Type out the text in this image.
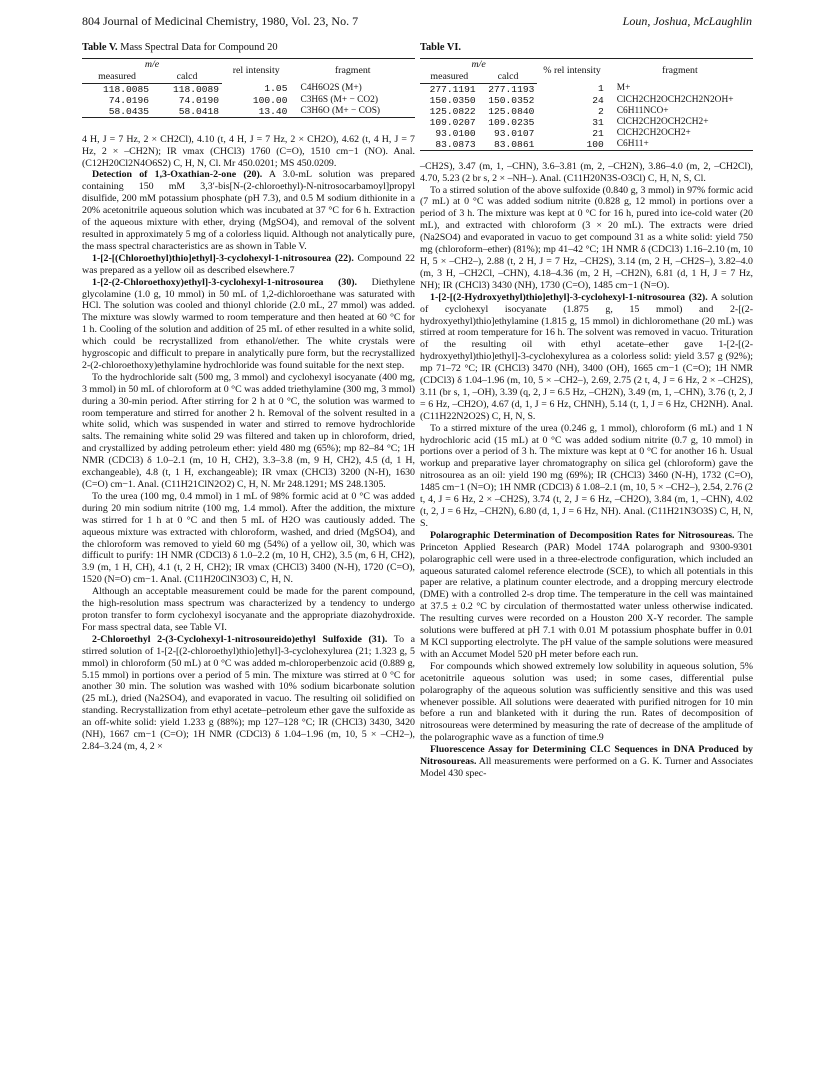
804 Journal of Medicinal Chemistry, 1980, Vol. 23, No. 7	Loun, Joshua, McLaughlin
Table V. Mass Spectral Data for Compound 20
m/e		rel intensity	fragment
measured	calcd		
118.0085	118.0089	1.05	C4H6O2S (M+)
74.0196	74.0190	100.00	C3H6S (M+ − CO2)
58.0435	58.0418	13.40	C3H6O (M+ − COS)

4 H, J = 7 Hz, 2 × CH2Cl), 4.10 (t, 4 H, J = 7 Hz, 2 × CH2O), 4.62 (t, 4 H, J = 7 Hz, 2 × –CH2N); IR νmax (CHCl3) 1760 (C=O), 1510 cm−1 (NO). Anal. (C12H20Cl2N4O6S2) C, H, N, Cl. Mr 450.0201; MS 450.0209.

Detection of 1,3-Oxathian-2-one (20). A 3.0-mL solution was prepared containing 150 mM 3,3′-bis[N-(2-chloroethyl)-N-nitrosocarbamoyl]propyl disulfide, 200 mM potassium phosphate (pH 7.3), and 0.5 M sodium dithionite in a 20% acetonitrile aqueous solution which was incubated at 37 °C for 6 h. Extraction of the aqueous mixture with ether, drying (MgSO4), and removal of the solvent resulted in approximately 5 mg of a colorless liquid. Although not analytically pure, the mass spectral characteristics are as shown in Table V.

1-[2-[(Chloroethyl)thio]ethyl]-3-cyclohexyl-1-nitrosourea (22). Compound 22 was prepared as a yellow oil as described elsewhere.7

1-[2-(2-Chloroethoxy)ethyl]-3-cyclohexyl-1-nitrosourea (30). Diethylene glycolamine (1.0 g, 10 mmol) in 50 mL of 1,2-dichloroethane was saturated with HCl. The solution was cooled and thionyl chloride (2.0 mL, 27 mmol) was added. The mixture was slowly warmed to room temperature and then heated at 60 °C for 1 h. Cooling of the solution and addition of 25 mL of ether resulted in a white solid, which could be recrystallized from ethanol/ether. The white crystals were hygroscopic and difficult to prepare in analytically pure form, but the recrystallized 2-(2-chloroethoxy)ethylamine hydrochloride was found suitable for the next step.

To the hydrochloride salt (500 mg, 3 mmol) and cyclohexyl isocyanate (400 mg, 3 mmol) in 50 mL of chloroform at 0 °C was added triethylamine (300 mg, 3 mmol) during a 30-min period. After stirring for 2 h at 0 °C, the solution was warmed to room temperature and stirred for another 2 h. Removal of the solvent resulted in a white solid, which was suspended in water and stirred to remove hydrochloride salts. The remaining white solid 29 was filtered and taken up in chloroform, dried, and crystallized by adding petroleum ether: yield 480 mg (65%); mp 82–84 °C; 1H NMR (CDCl3) δ 1.0–2.1 (m, 10 H, CH2), 3.3–3.8 (m, 9 H, CH2), 4.5 (d, 1 H, exchangeable), 4.8 (t, 1 H, exchangeable); IR νmax (CHCl3) 3200 (N-H), 1630 (C=O) cm−1. Anal. (C11H21ClN2O2) C, H, N. Mr 248.1291; MS 248.1305.

To the urea (100 mg, 0.4 mmol) in 1 mL of 98% formic acid at 0 °C was added during 20 min sodium nitrite (100 mg, 1.4 mmol). After the addition, the mixture was stirred for 1 h at 0 °C and then 5 mL of H2O was cautiously added. The aqueous mixture was extracted with chloroform, washed, and dried (MgSO4), and the chloroform was removed to yield 60 mg (54%) of a yellow oil, 30, which was difficult to purify: 1H NMR (CDCl3) δ 1.0–2.2 (m, 10 H, CH2), 3.5 (m, 6 H, CH2), 3.9 (m, 1 H, CH), 4.1 (t, 2 H, CH2); IR νmax (CHCl3) 3400 (N-H), 1720 (C=O), 1520 (N=O) cm−1. Anal. (C11H20ClN3O3) C, H, N.

Although an acceptable measurement could be made for the parent compound, the high-resolution mass spectrum was characterized by a tendency to undergo proton transfer to form cyclohexyl isocyanate and the appropriate diazohydroxide. For mass spectral data, see Table VI.

2-Chloroethyl 2-(3-Cyclohexyl-1-nitrosoureido)ethyl Sulfoxide (31). To a stirred solution of 1-[2-[(2-chloroethyl)thio]ethyl]-3-cyclohexylurea (21; 1.323 g, 5 mmol) in chloroform (50 mL) at 0 °C was added m-chloroperbenzoic acid (0.889 g, 5.15 mmol) in portions over a period of 5 min. The mixture was stirred at 0 °C for another 30 min. The solution was washed with 10% sodium bicarbonate solution (25 mL), dried (Na2SO4), and evaporated in vacuo. The resulting oil solidified on standing. Recrystallization from ethyl acetate–petroleum ether gave the sulfoxide as an off-white solid: yield 1.233 g (88%); mp 127–128 °C; IR (CHCl3) 3430, 3420 (NH), 1667 cm−1 (C=O); 1H NMR (CDCl3) δ 1.04–1.96 (m, 10, 5 × –CH2–), 2.84–3.24 (m, 4, 2 ×

Table VI.
m/e		% rel intensity	fragment
measured	calcd		
277.1191	277.1193	1	M+
150.0350	150.0352	24	ClCH2CH2OCH2CH2N2OH+
125.0822	125.0840	2	C6H11NCO+
109.0207	109.0235	31	ClCH2CH2OCH2CH2+
93.0100	93.0107	21	ClCH2CH2OCH2+
83.0873	83.0861	100	C6H11+

–CH2S), 3.47 (m, 1, –CHN), 3.6–3.81 (m, 2, –CH2N), 3.86–4.0 (m, 2, –CH2Cl), 4.70, 5.23 (2 br s, 2 × –NH–). Anal. (C11H20N3S-O3Cl) C, H, N, S, Cl.

To a stirred solution of the above sulfoxide (0.840 g, 3 mmol) in 97% formic acid (7 mL) at 0 °C was added sodium nitrite (0.828 g, 12 mmol) in portions over a period of 3 h. The mixture was kept at 0 °C for 16 h, pured into ice-cold water (20 mL), and extracted with chloroform (3 × 20 mL). The extracts were dried (Na2SO4) and evaporated in vacuo to get compound 31 as a white solid: yield 750 mg (chloroform–ether) (81%); mp 41–42 °C; 1H NMR δ (CDCl3) 1.16–2.10 (m, 10 H, 5 × –CH2–), 2.88 (t, 2 H, J = 7 Hz, –CH2S), 3.14 (m, 2 H, –CH2S–), 3.82–4.0 (m, 3 H, –CH2Cl, –CHN), 4.18–4.36 (m, 2 H, –CH2N), 6.81 (d, 1 H, J = 7 Hz, NH); IR (CHCl3) 3430 (NH), 1730 (C=O), 1485 cm−1 (N=O).

1-[2-[(2-Hydroxyethyl)thio]ethyl]-3-cyclohexyl-1-nitrosourea (32). A solution of cyclohexyl isocyanate (1.875 g, 15 mmol) and 2-[(2-hydroxyethyl)thio]ethylamine (1.815 g, 15 mmol) in dichloromethane (20 mL) was stirred at room temperature for 16 h. The solvent was removed in vacuo. Trituration of the resulting oil with ethyl acetate–ether gave 1-[2-[(2-hydroxyethyl)thio]ethyl]-3-cyclohexylurea as a colorless solid: yield 3.57 g (92%); mp 71–72 °C; IR (CHCl3) 3470 (NH), 3400 (OH), 1665 cm−1 (C=O); 1H NMR (CDCl3) δ 1.04–1.96 (m, 10, 5 × –CH2–), 2.69, 2.75 (2 t, 4, J = 6 Hz, 2 × –CH2S), 3.11 (br s, 1, –OH), 3.39 (q, 2, J = 6.5 Hz, –CH2N), 3.49 (m, 1, –CHN), 3.76 (t, 2, J = 6 Hz, –CH2O), 4.67 (d, 1, J = 6 Hz, CHNH), 5.14 (t, 1, J = 6 Hz, CH2NH). Anal. (C11H22N2O2S) C, H, N, S.

To a stirred mixture of the urea (0.246 g, 1 mmol), chloroform (6 mL) and 1 N hydrochloric acid (15 mL) at 0 °C was added sodium nitrite (0.7 g, 10 mmol) in portions over a period of 3 h. The mixture was kept at 0 °C for another 16 h. Usual workup and preparative layer chromatography on silica gel (chloroform) gave the nitrosourea as an oil: yield 190 mg (69%); IR (CHCl3) 3460 (N-H), 1732 (C=O), 1485 cm−1 (N=O); 1H NMR (CDCl3) δ 1.08–2.1 (m, 10, 5 × –CH2–), 2.54, 2.76 (2 t, 4, J = 6 Hz, 2 × –CH2S), 3.74 (t, 2, J = 6 Hz, –CH2O), 3.84 (m, 1, –CHN), 4.02 (t, 2, J = 6 Hz, –CH2N), 6.80 (d, 1, J = 6 Hz, NH). Anal. (C11H21N3O3S) C, H, N, S.

Polarographic Determination of Decomposition Rates for Nitrosoureas. The Princeton Applied Research (PAR) Model 174A polarograph and 9300-9301 polarographic cell were used in a three-electrode configuration, which included an aqueous saturated calomel reference electrode (SCE), to which all potentials in this paper are relative, a platinum counter electrode, and a dropping mercury electrode (DME) with a controlled 2-s drop time. The temperature in the cell was maintained at 37.5 ± 0.2 °C by circulation of thermostatted water unless otherwise indicated. The resulting curves were recorded on a Houston 200 X-Y recorder. The sample solutions were buffered at pH 7.1 with 0.01 M potassium phosphate buffer in 0.01 M KCl supporting electrolyte. The pH value of the sample solutions were measured with an Accumet Model 520 pH meter before each run.

For compounds which showed extremely low solubility in aqueous solution, 5% acetonitrile aqueous solution was used; in some cases, differential pulse polarography of the aqueous solution was sufficiently sensitive and this was used whenever possible. All solutions were deaerated with purified nitrogen for 10 min before a run and blanketed with it during the run. Rates of decomposition of nitrosoureas were determined by measuring the rate of decrease of the amplitude of the polarographic wave as a function of time.9

Fluorescence Assay for Determining CLC Sequences in DNA Produced by Nitrosoureas. All measurements were performed on a G. K. Turner and Associates Model 430 spec-
